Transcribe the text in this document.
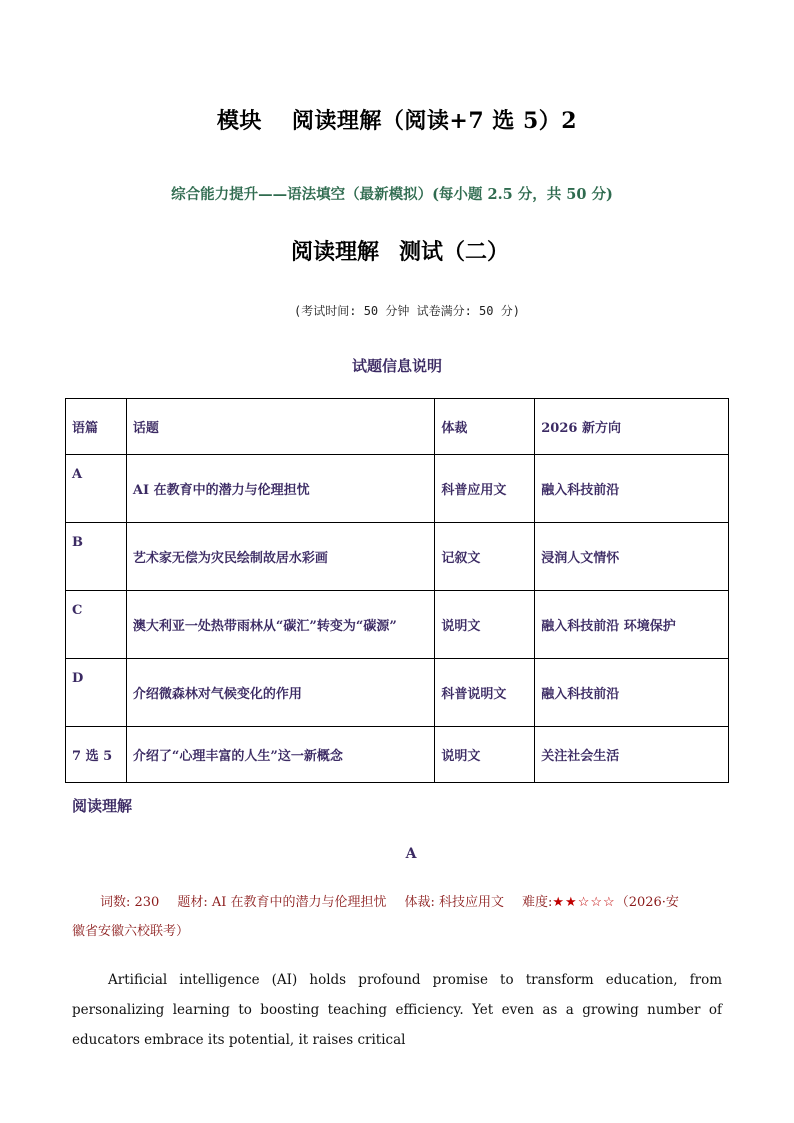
模块 阅读理解（阅读+7 选 5）2
综合能力提升——语法填空（最新模拟）(每小题 2.5 分，共 50 分)
阅读理解 测试（二）
(考试时间: 50 分钟 试卷满分: 50 分)
试题信息说明
语篇	话题	体裁	2026 新方向
A	AI 在教育中的潜力与伦理担忧	科普应用文	融入科技前沿
B	艺术家无偿为灾民绘制故居水彩画	记叙文	浸润人文情怀
C	澳大利亚一处热带雨林从“碳汇”转变为“碳源”	说明文	融入科技前沿 环境保护
D	介绍微森林对气候变化的作用	科普说明文	融入科技前沿
7 选 5	介绍了“心理丰富的人生”这一新概念	说明文	关注社会生活
阅读理解
A
词数: 230 题材: AI 在教育中的潜力与伦理担忧 体裁: 科技应用文 难度:★★☆☆☆（2026·安
徽省安徽六校联考）
Artificial intelligence (AI) holds profound promise to transform education, from personalizing learning to boosting teaching efficiency. Yet even as a growing number of educators embrace its potential, it raises critical
